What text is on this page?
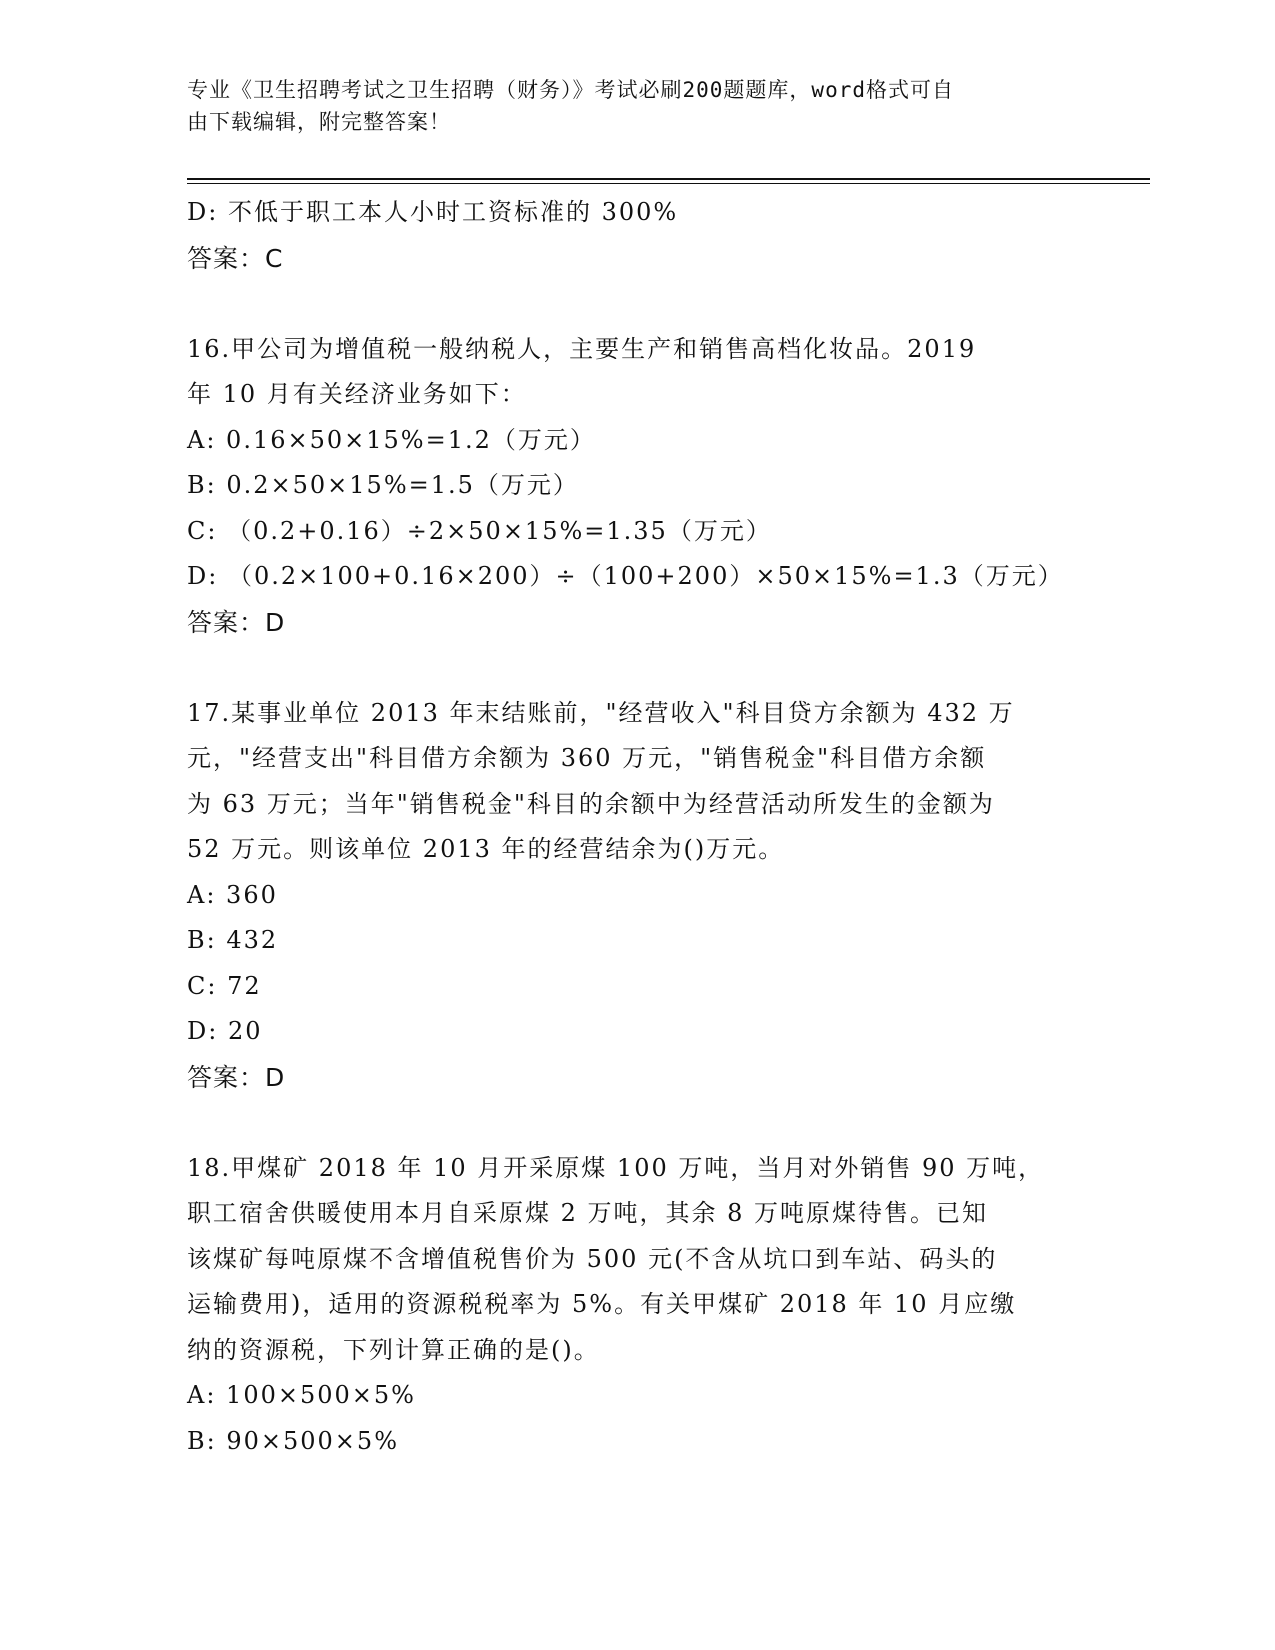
专业《卫生招聘考试之卫生招聘（财务）》考试必刷200题题库，word格式可自
由下载编辑，附完整答案！
D: 不低于职工本人小时工资标准的 300%
答案：C
16.甲公司为增值税一般纳税人，主要生产和销售高档化妆品。2019
年 10 月有关经济业务如下：
A: 0.16×50×15%=1.2（万元）
B: 0.2×50×15%=1.5（万元）
C: （0.2+0.16）÷2×50×15%=1.35（万元）
D: （0.2×100+0.16×200）÷（100+200）×50×15%=1.3（万元）
答案：D
17.某事业单位 2013 年末结账前，"经营收入"科目贷方余额为 432 万
元，"经营支出"科目借方余额为 360 万元，"销售税金"科目借方余额
为 63 万元；当年"销售税金"科目的余额中为经营活动所发生的金额为
52 万元。则该单位 2013 年的经营结余为()万元。
A: 360
B: 432
C: 72
D: 20
答案：D
18.甲煤矿 2018 年 10 月开采原煤 100 万吨，当月对外销售 90 万吨，
职工宿舍供暖使用本月自采原煤 2 万吨，其余 8 万吨原煤待售。已知
该煤矿每吨原煤不含增值税售价为 500 元(不含从坑口到车站、码头的
运输费用)，适用的资源税税率为 5%。有关甲煤矿 2018 年 10 月应缴
纳的资源税，下列计算正确的是()。
A: 100×500×5%
B: 90×500×5%
